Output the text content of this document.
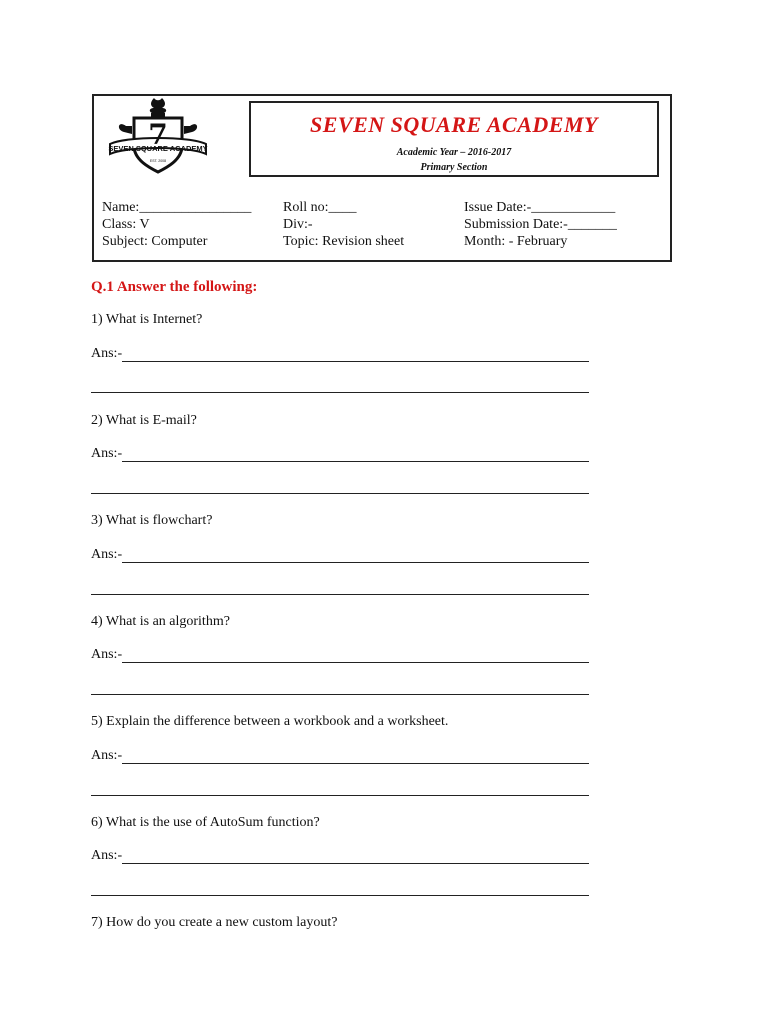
7
SEVEN SQUARE ACADEMY
EST. 2008
SEVEN SQUARE ACADEMY
Academic Year – 2016-2017
Primary Section
Name:________________
Class: V
Subject: Computer
Roll no:____
Div:-
Topic: Revision sheet
Issue Date:-____________
Submission Date:-_______
Month: - February
Q.1 Answer the following:
1) What is Internet?
Ans:-
2) What is E-mail?
Ans:-
3) What is flowchart?
Ans:-
4) What is an algorithm?
Ans:-
5) Explain the difference between a workbook and a worksheet.
Ans:-
6) What is the use of AutoSum function?
Ans:-
7) How do you create a new custom layout?
